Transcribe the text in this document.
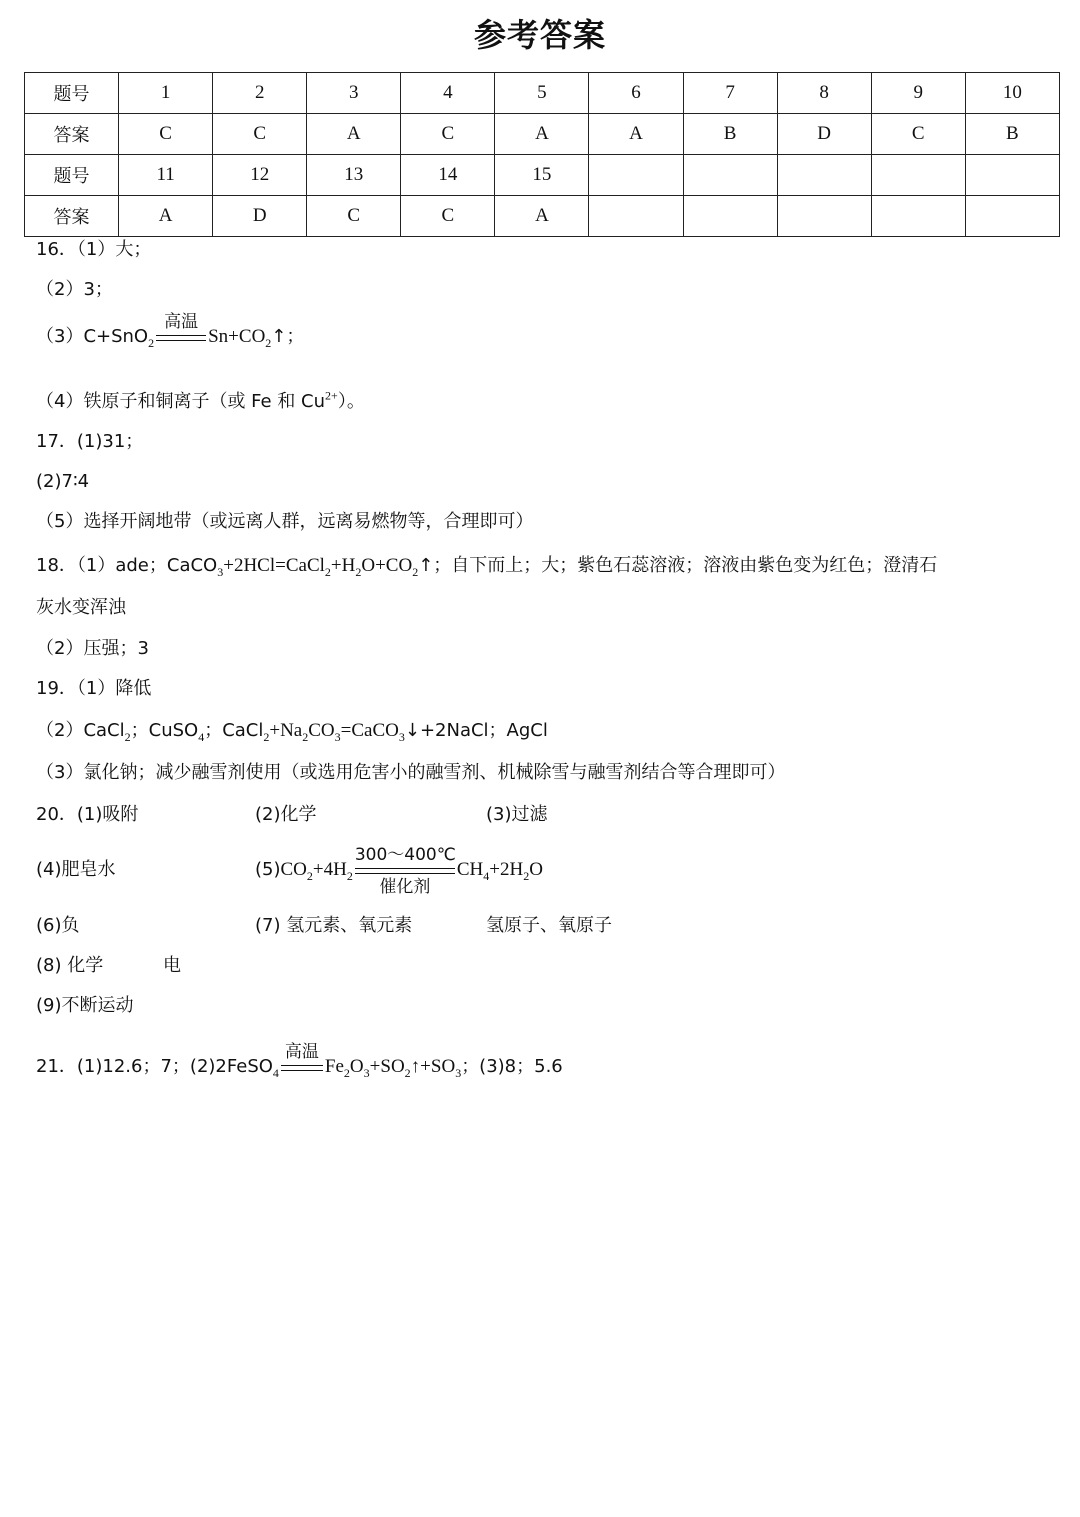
参考答案
题号	1	2	3	4	5	6	7	8	9	10
答案	C	C	A	C	A	A	B	D	C	B
题号	11	12	13	14	15					
答案	A	D	C	C	A					
16．（1）大；
（2）3；
（3）C+SnO$_2$
高温
$Sn+CO_2↑$；
（4）铁原子和铜离子（或 Fe 和 $Cu^{2+}$）。
17．(1)31；
(2)7∶4
（5）选择开阔地带（或远离人群，远离易燃物等，合理即可）
18．（1）ade；$CaCO_3+2HCl=CaCl_2+H_2O+CO_2↑$；自下而上；大；紫色石蕊溶液；溶液由紫色变为红色；澄清石
灰水变浑浊
（2）压强；3
19．（1）降低
（2）CaCl$_2$；CuSO$_4$；$CaCl_2+Na_2CO_3=CaCO_3↓+2NaCl$；AgCl
（3）氯化钠；减少融雪剂使用（或选用危害小的融雪剂、机械除雪与融雪剂结合等合理即可）
20．(1)吸附	(2)化学	(3)过滤
(4)肥皂水	$(5)CO_2+4H_2$
300～400℃
催化剂
$CH_4+2H_2O$
(6)负	(7) 氢元素、氧元素	氢原子、氧原子
(8) 化学	电
(9)不断运动
21．(1)12.6；7；(2)2FeSO$_4$
高温
$Fe_2O_3+SO_2↑+SO_3$；(3)8；5.6
